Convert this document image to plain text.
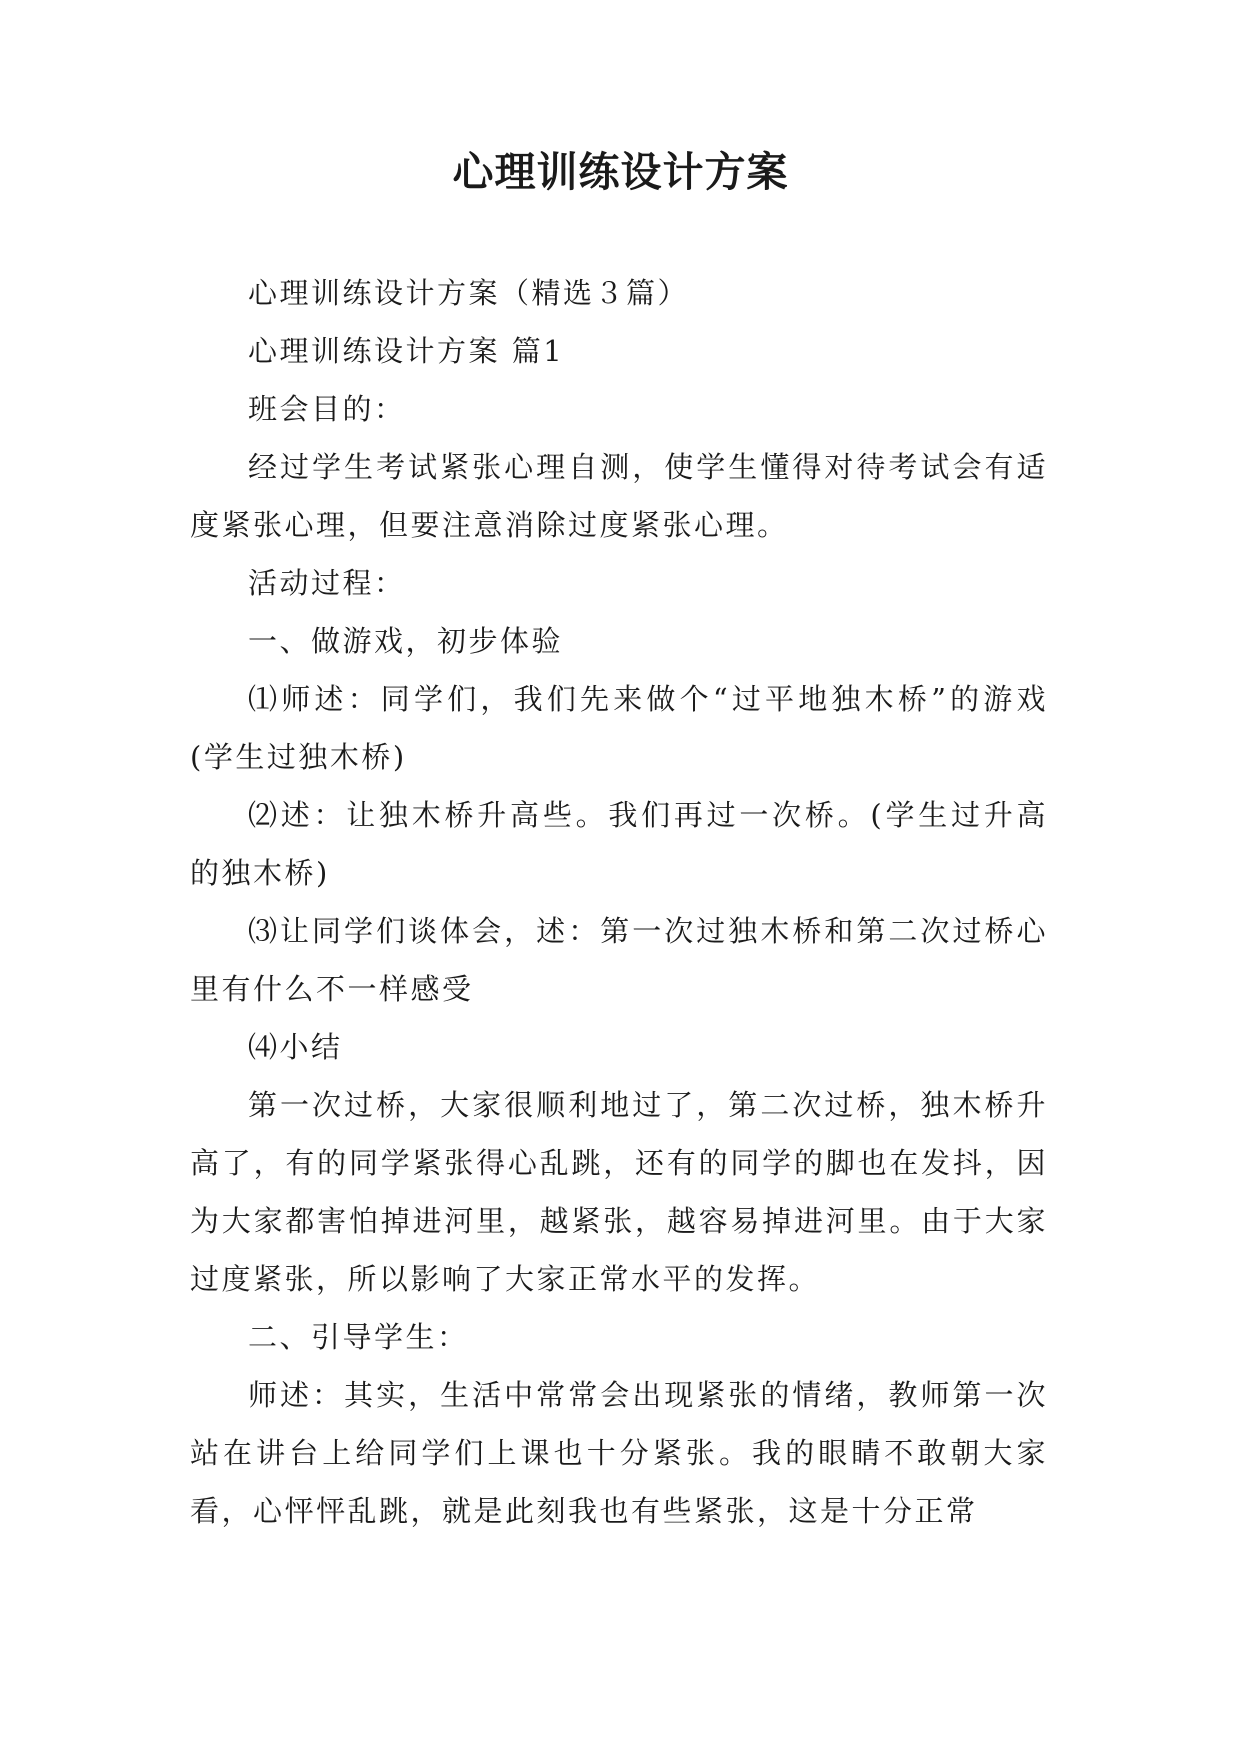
心理训练设计方案

心理训练设计方案（精选３篇）

心理训练设计方案 篇1

班会目的：

经过学生考试紧张心理自测，使学生懂得对待考试会有适度紧张心理，但要注意消除过度紧张心理。

活动过程：

一、做游戏，初步体验

⑴师述：同学们，我们先来做个“过平地独木桥”的游戏(学生过独木桥)

⑵述：让独木桥升高些。我们再过一次桥。(学生过升高的独木桥)

⑶让同学们谈体会，述：第一次过独木桥和第二次过桥心里有什么不一样感受

⑷小结

第一次过桥，大家很顺利地过了，第二次过桥，独木桥升高了，有的同学紧张得心乱跳，还有的同学的脚也在发抖，因为大家都害怕掉进河里，越紧张，越容易掉进河里。由于大家过度紧张，所以影响了大家正常水平的发挥。

二、引导学生：

师述：其实，生活中常常会出现紧张的情绪，教师第一次站在讲台上给同学们上课也十分紧张。我的眼睛不敢朝大家看，心怦怦乱跳，就是此刻我也有些紧张，这是十分正常
